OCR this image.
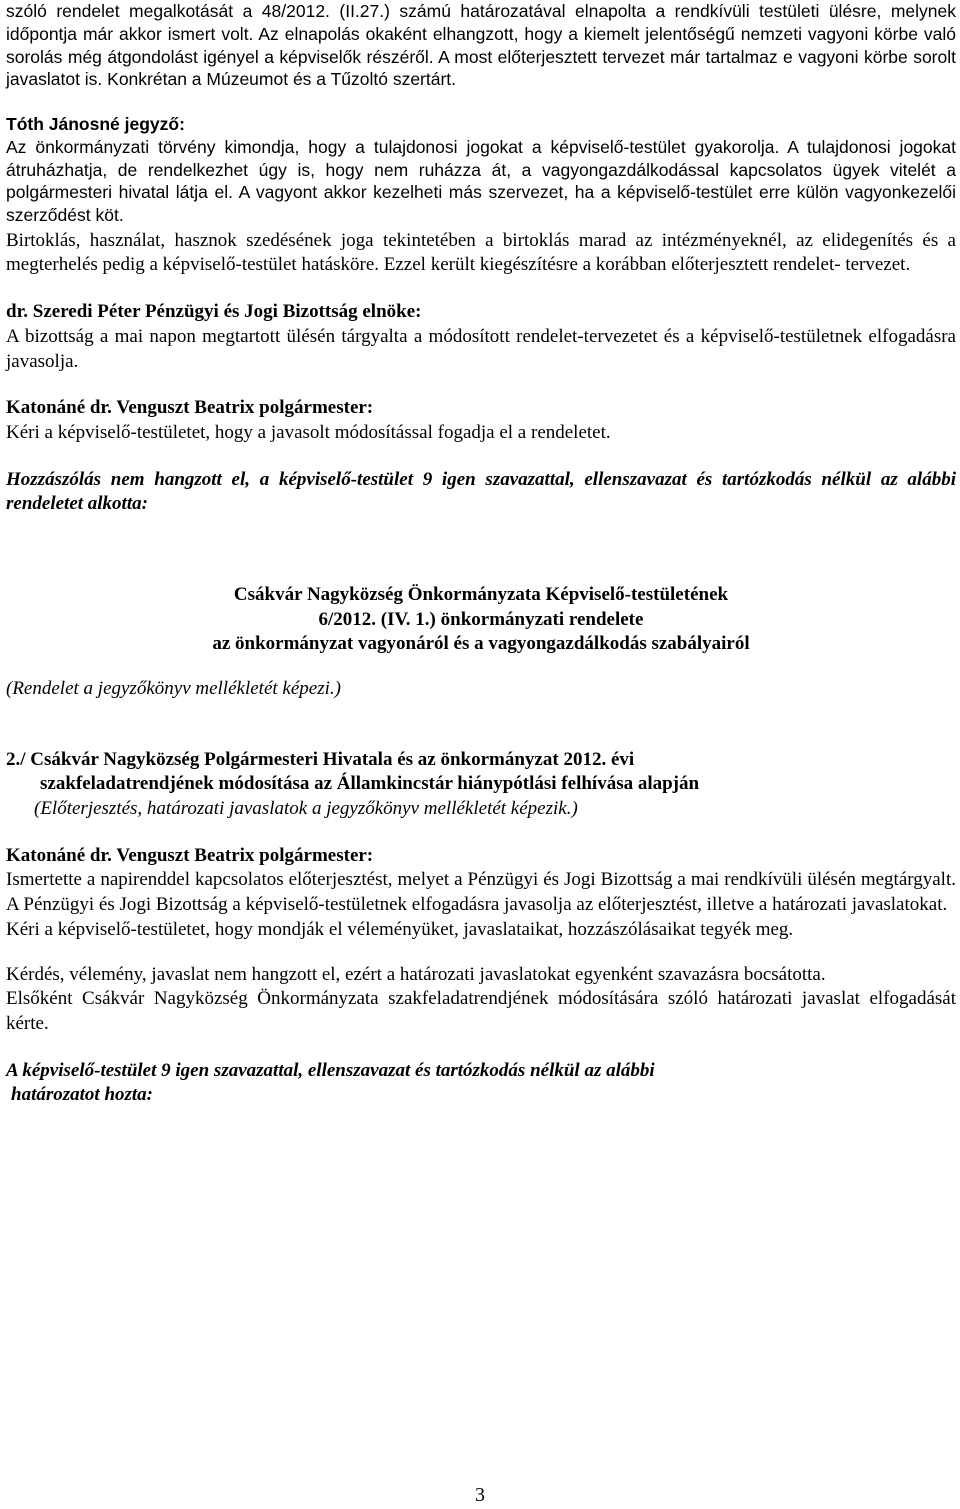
szóló rendelet megalkotását a 48/2012. (II.27.) számú határozatával elnapolta a rendkívüli testületi ülésre, melynek időpontja már akkor ismert volt. Az elnapolás okaként elhangzott, hogy a kiemelt jelentőségű nemzeti vagyoni körbe való sorolás még átgondolást igényel a képviselők részéről. A most előterjesztett tervezet már tartalmaz e vagyoni körbe sorolt javaslatot is. Konkrétan a Múzeumot és a Tűzoltó szertárt.

Tóth Jánosné jegyző:

Az önkormányzati törvény kimondja, hogy a tulajdonosi jogokat a képviselő-testület gyakorolja. A tulajdonosi jogokat átruházhatja, de rendelkezhet úgy is, hogy nem ruházza át, a vagyongazdálkodással kapcsolatos ügyek vitelét a polgármesteri hivatal látja el. A vagyont akkor kezelheti más szervezet, ha a képviselő-testület erre külön vagyonkezelői szerződést köt.

Birtoklás, használat, hasznok szedésének joga tekintetében a birtoklás marad az intézményeknél, az elidegenítés és a megterhelés pedig a képviselő-testület hatásköre. Ezzel került kiegészítésre a korábban előterjesztett rendelet- tervezet.

dr. Szeredi Péter Pénzügyi és Jogi Bizottság elnöke:

A bizottság a mai napon megtartott ülésén tárgyalta a módosított rendelet-tervezetet és a képviselő-testületnek elfogadásra javasolja.

Katonáné dr. Venguszt Beatrix polgármester:

Kéri a képviselő-testületet, hogy a javasolt módosítással fogadja el a rendeletet.

Hozzászólás nem hangzott el, a képviselő-testület 9 igen szavazattal, ellenszavazat és tartózkodás nélkül az alábbi rendeletet alkotta:

Csákvár Nagyközség Önkormányzata Képviselő-testületének
6/2012. (IV. 1.) önkormányzati rendelete
az önkormányzat vagyonáról és a vagyongazdálkodás szabályairól
(Rendelet a jegyzőkönyv mellékletét képezi.)
2./ Csákvár Nagyközség Polgármesteri Hivatala és az önkormányzat 2012. évi
szakfeladatrendjének módosítása az Államkincstár hiánypótlási felhívása alapján
(Előterjesztés, határozati javaslatok a jegyzőkönyv mellékletét képezik.)
Katonáné dr. Venguszt Beatrix polgármester:

Ismertette a napirenddel kapcsolatos előterjesztést, melyet a Pénzügyi és Jogi Bizottság a mai rendkívüli ülésén megtárgyalt. A Pénzügyi és Jogi Bizottság a képviselő-testületnek elfogadásra javasolja az előterjesztést, illetve a határozati javaslatokat.

Kéri a képviselő-testületet, hogy mondják el véleményüket, javaslataikat, hozzászólásaikat tegyék meg.

Kérdés, vélemény, javaslat nem hangzott el, ezért a határozati javaslatokat egyenként szavazásra bocsátotta.

Elsőként Csákvár Nagyközség Önkormányzata szakfeladatrendjének módosítására szóló határozati javaslat elfogadását kérte.

A képviselő-testület 9 igen szavazattal, ellenszavazat és tartózkodás nélkül az alábbi
határozatot hozta:
3
